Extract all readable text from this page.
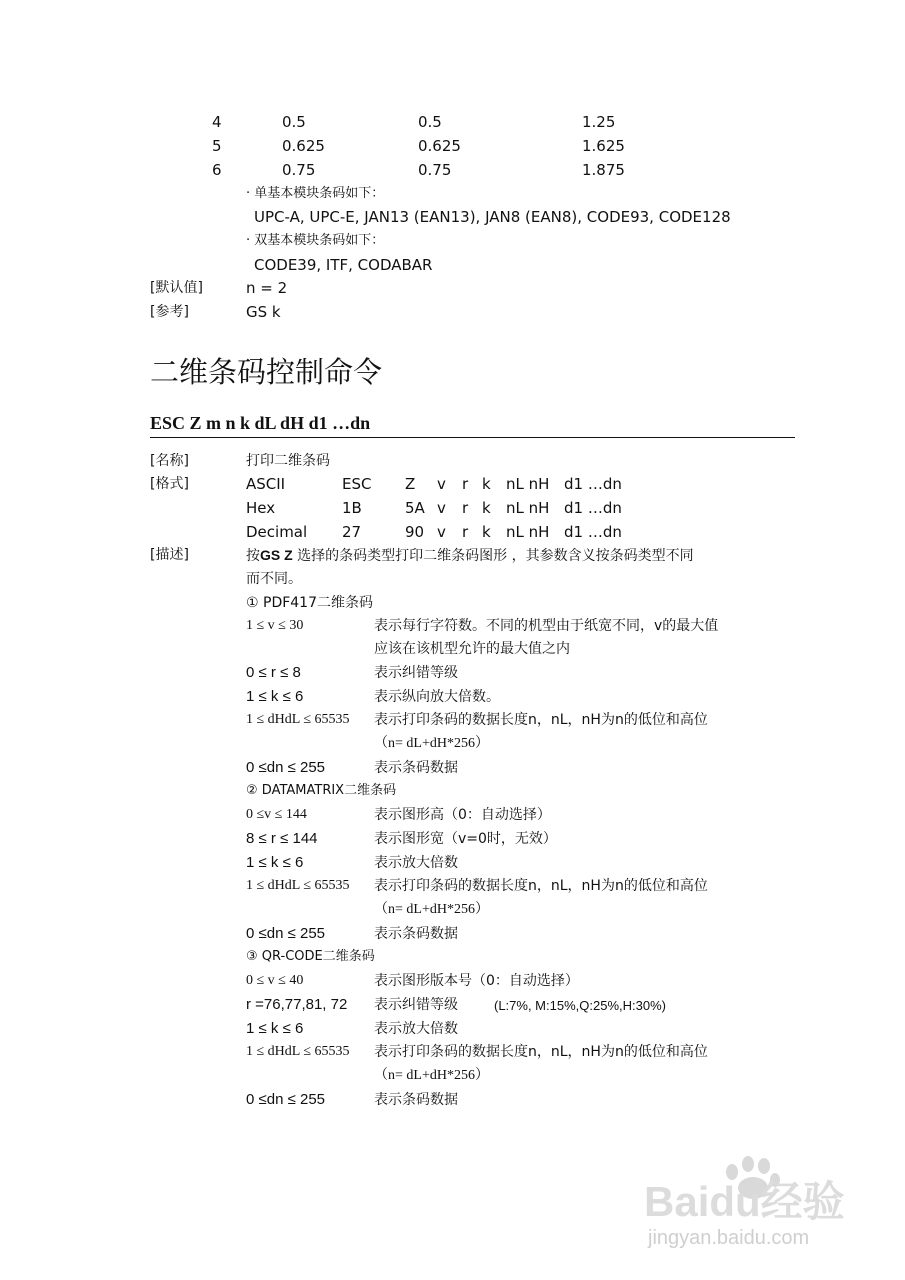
4	0.5	0.5	1.25
5	0.625	0.625	1.625
6	0.75	0.75	1.875
· 单基本模块条码如下：
UPC-A, UPC-E, JAN13 (EAN13), JAN8 (EAN8), CODE93, CODE128
· 双基本模块条码如下：
CODE39, ITF, CODABAR
[默认值]	n = 2
[参考]	GS k
二维条码控制命令
ESC Z m n k dL dH d1 …dn
[名称]	打印二维条码
[格式]	ASCII	ESC Z v r k nL nH d1 …dn
Hex	1B	5A v r k nL nH d1 …dn
Decimal 27	90 v r k nL nH d1 …dn
[描述]	按GS Z 选择的条码类型打印二维条码图形 ，其参数含义按条码类型不同
而不同。
① PDF417二维条码
1 ≤ v ≤ 30	表示每行字符数。不同的机型由于纸宽不同，v的最大值
应该在该机型允许的最大值之内
0 ≤ r ≤ 8	表示纠错等级
1 ≤ k ≤ 6	表示纵向放大倍数。
1 ≤ dHdL ≤ 65535 表示打印条码的数据长度n，nL，nH为n的低位和高位
（n= dL+dH*256）
0 ≤dn ≤ 255	表示条码数据
② DATAMATRIX二维条码
0 ≤v ≤ 144	表示图形高（0：自动选择）
8 ≤ r ≤ 144	表示图形宽（v=0时，无效）
1 ≤ k ≤ 6	表示放大倍数
1 ≤ dHdL ≤ 65535 表示打印条码的数据长度n，nL，nH为n的低位和高位
（n= dL+dH*256）
0 ≤dn ≤ 255	表示条码数据
③ QR-CODE二维条码
0 ≤ v ≤ 40	表示图形版本号（0：自动选择）
r =76,77,81, 72 表示纠错等级	(L:7%, M:15%,Q:25%,H:30%)
1 ≤ k ≤ 6	表示放大倍数
1 ≤ dHdL ≤ 65535 表示打印条码的数据长度n，nL，nH为n的低位和高位
（n= dL+dH*256）
0 ≤dn ≤ 255	表示条码数据
Baidu经验
jingyan.baidu.com
